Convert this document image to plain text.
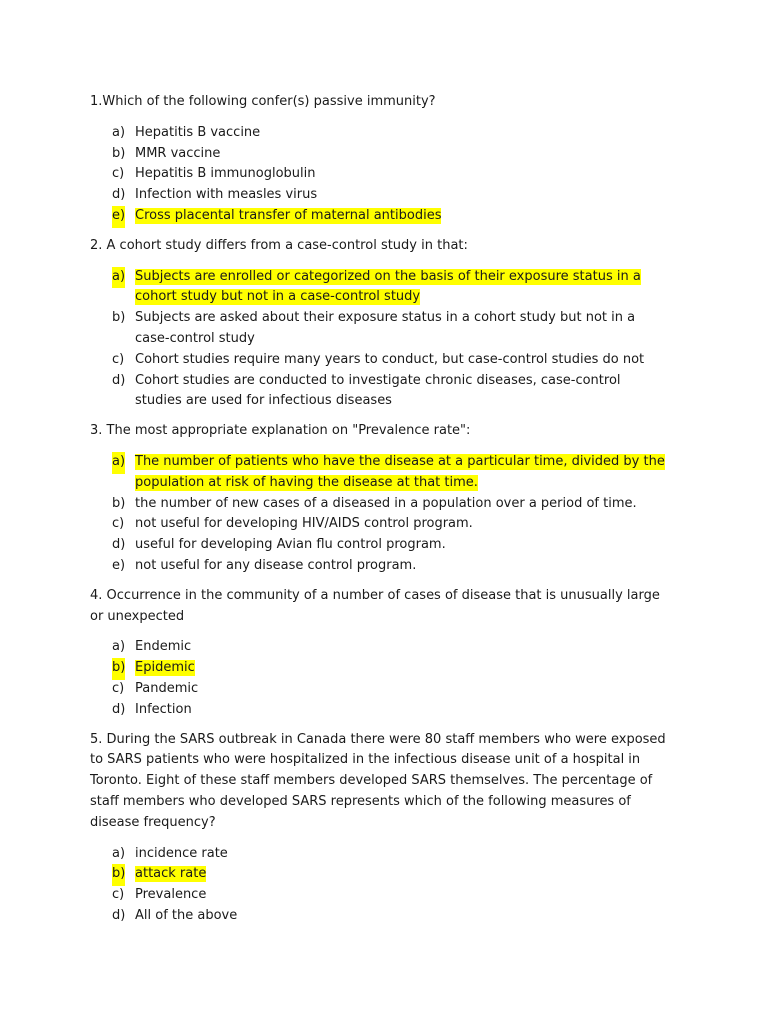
1.Which of the following confer(s) passive immunity?

a) Hepatitis B vaccine
b) MMR vaccine
c) Hepatitis B immunoglobulin
d) Infection with measles virus
e) Cross placental transfer of maternal antibodies

2. A cohort study differs from a case-control study in that:

a) Subjects are enrolled or categorized on the basis of their exposure status in a cohort study but not in a case-control study
b) Subjects are asked about their exposure status in a cohort study but not in a case-control study
c) Cohort studies require many years to conduct, but case-control studies do not
d) Cohort studies are conducted to investigate chronic diseases, case-control studies are used for infectious diseases

3. The most appropriate explanation on "Prevalence rate":

a) The number of patients who have the disease at a particular time, divided by the population at risk of having the disease at that time.
b) the number of new cases of a diseased in a population over a period of time.
c) not useful for developing HIV/AIDS control program.
d) useful for developing Avian flu control program.
e) not useful for any disease control program.

4. Occurrence in the community of a number of cases of disease that is unusually large or unexpected

a) Endemic
b) Epidemic
c) Pandemic
d) Infection

5. During the SARS outbreak in Canada there were 80 staff members who were exposed to SARS patients who were hospitalized in the infectious disease unit of a hospital in Toronto. Eight of these staff members developed SARS themselves. The percentage of staff members who developed SARS represents which of the following measures of disease frequency?

a) incidence rate
b) attack rate
c) Prevalence
d) All of the above
